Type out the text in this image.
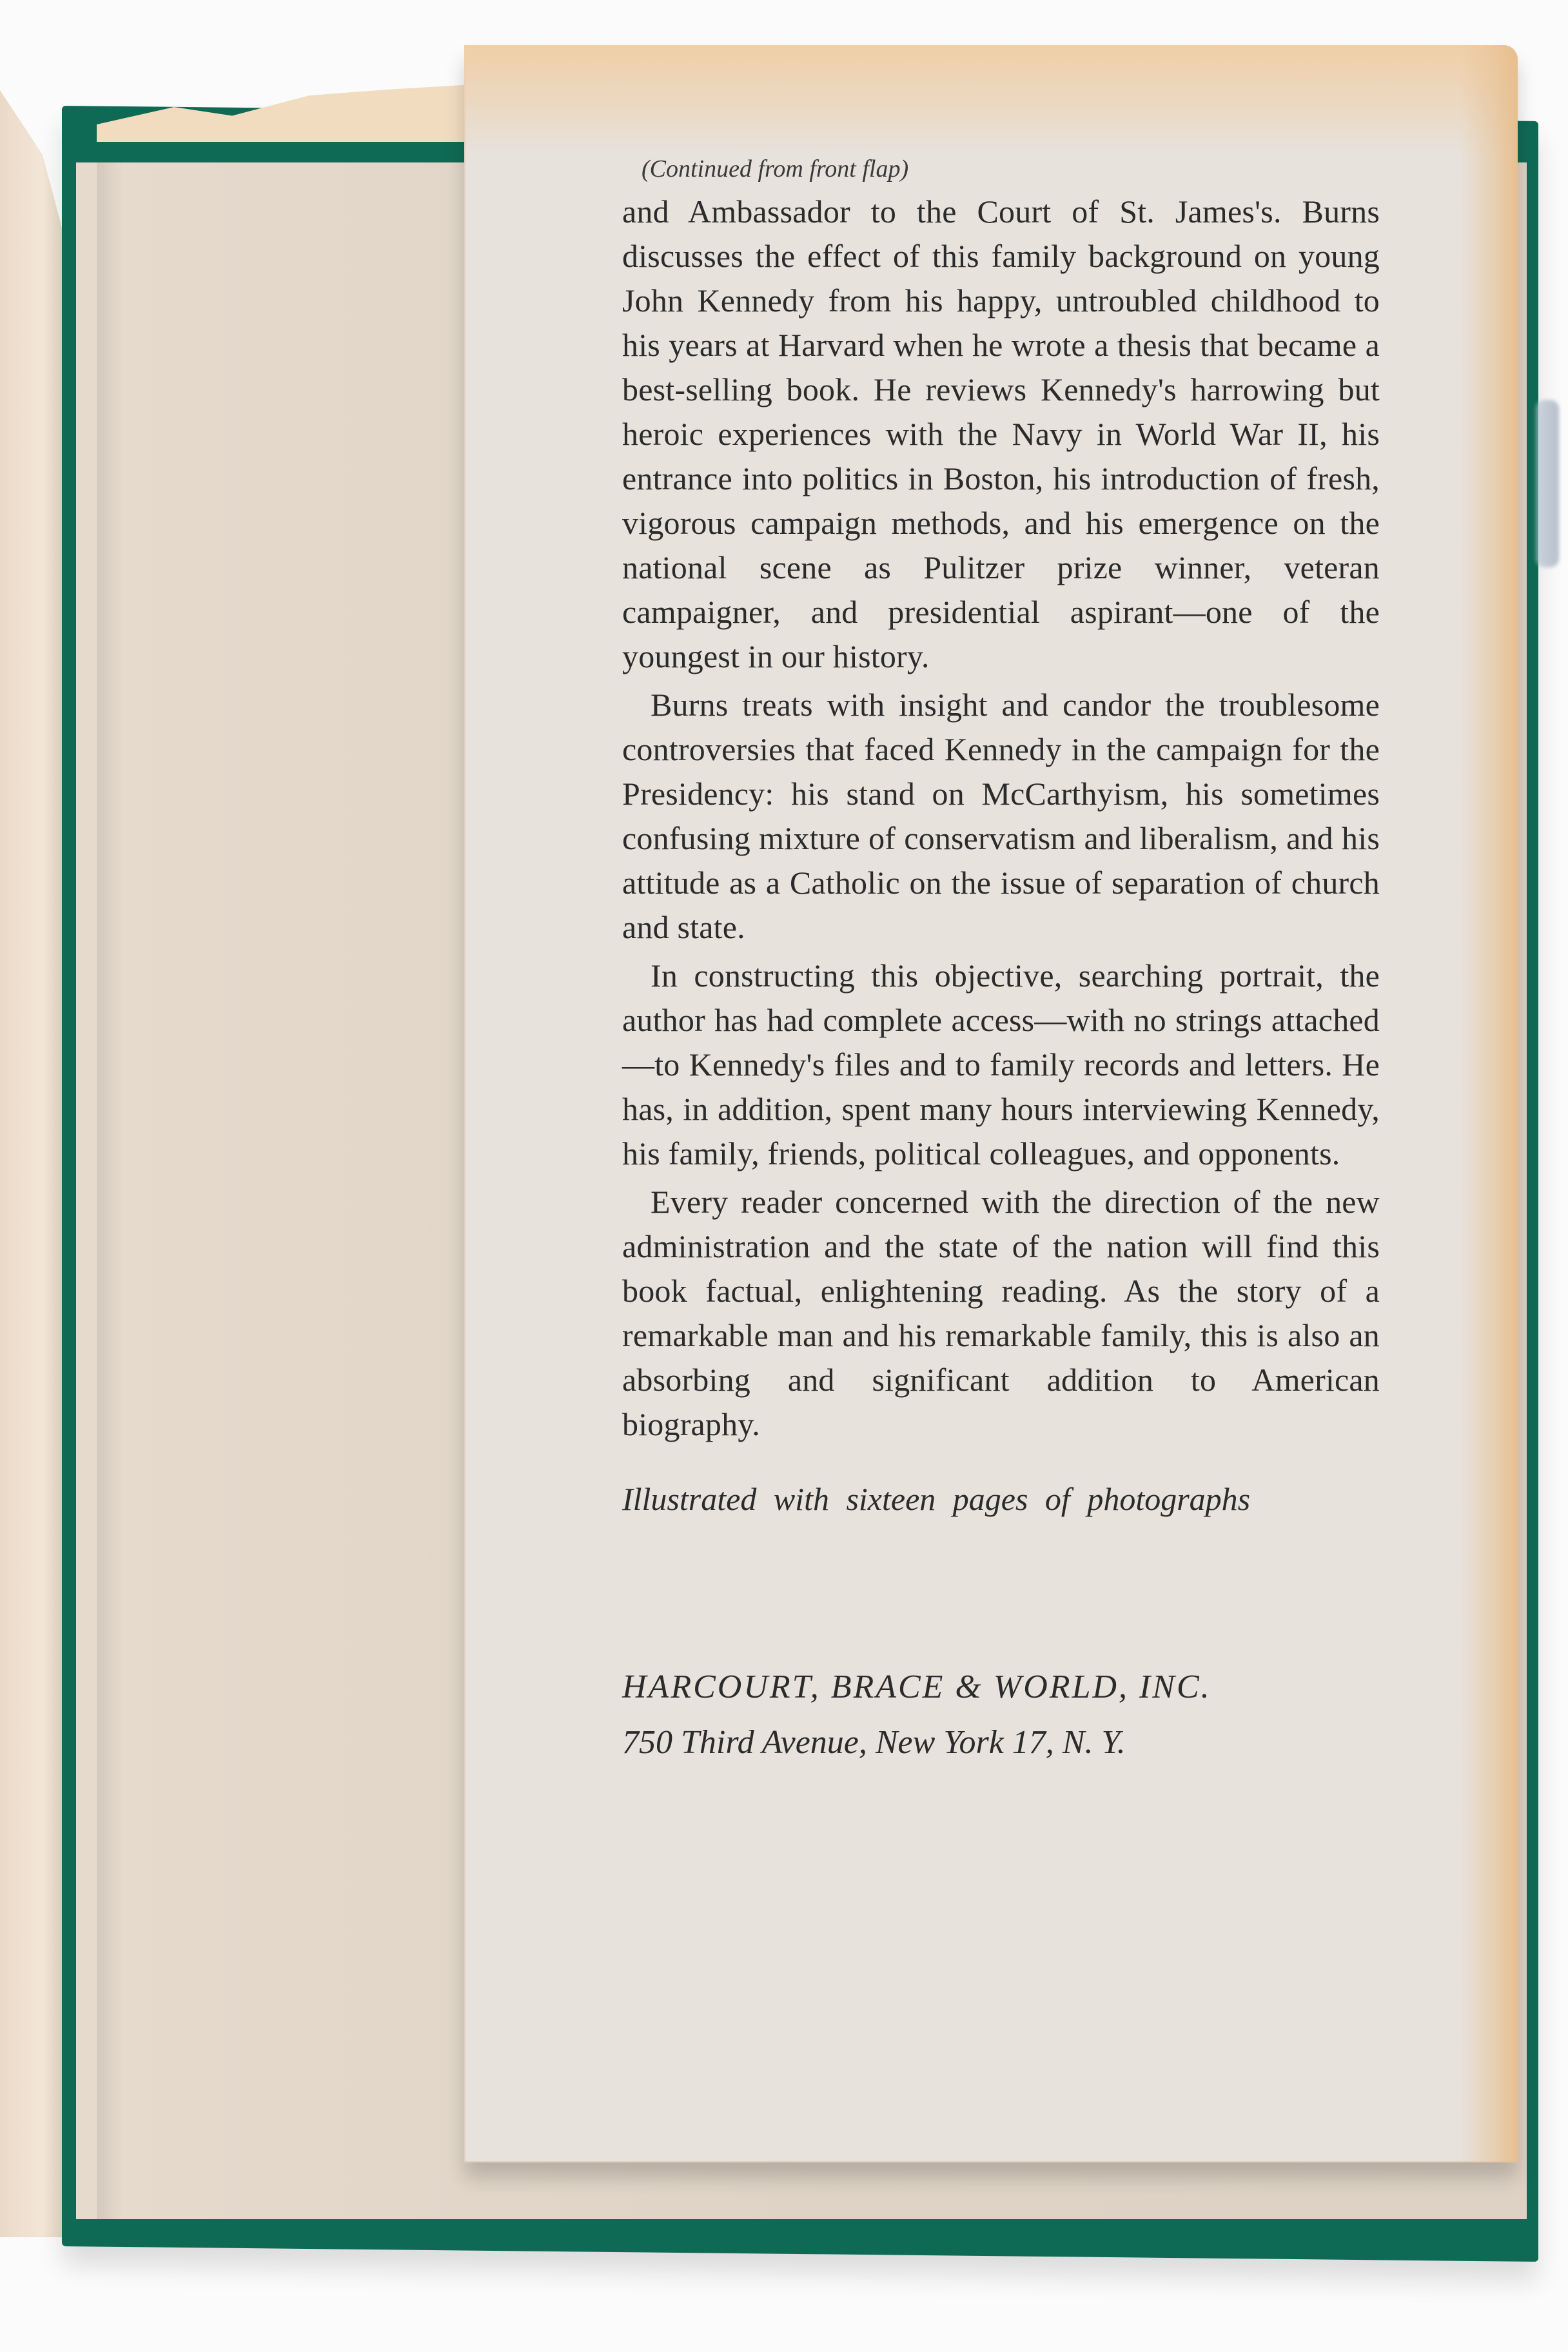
(Continued from front flap)

and Ambassador to the Court of St. James's. Burns discusses the effect of this family background on young John Kennedy from his happy, untroubled childhood to his years at Harvard when he wrote a thesis that became a best-selling book. He reviews Kennedy's harrowing but heroic experiences with the Navy in World War II, his entrance into politics in Boston, his introduction of fresh, vigorous campaign methods, and his emergence on the national scene as Pulitzer prize winner, veteran campaigner, and presidential aspirant—one of the youngest in our history.

Burns treats with insight and candor the troublesome controversies that faced Kennedy in the campaign for the Presidency: his stand on McCarthyism, his sometimes confusing mixture of conservatism and liberalism, and his attitude as a Catholic on the issue of separation of church and state.

In constructing this objective, searching portrait, the author has had complete access—with no strings attached—to Kennedy's files and to family records and letters. He has, in addition, spent many hours interviewing Kennedy, his family, friends, political colleagues, and opponents.

Every reader concerned with the direction of the new administration and the state of the nation will find this book factual, enlightening reading. As the story of a remarkable man and his remarkable family, this is also an absorbing and significant addition to American biography.

Illustrated with sixteen pages of photographs
HARCOURT, BRACE & WORLD, INC.
750 Third Avenue, New York 17, N. Y.
